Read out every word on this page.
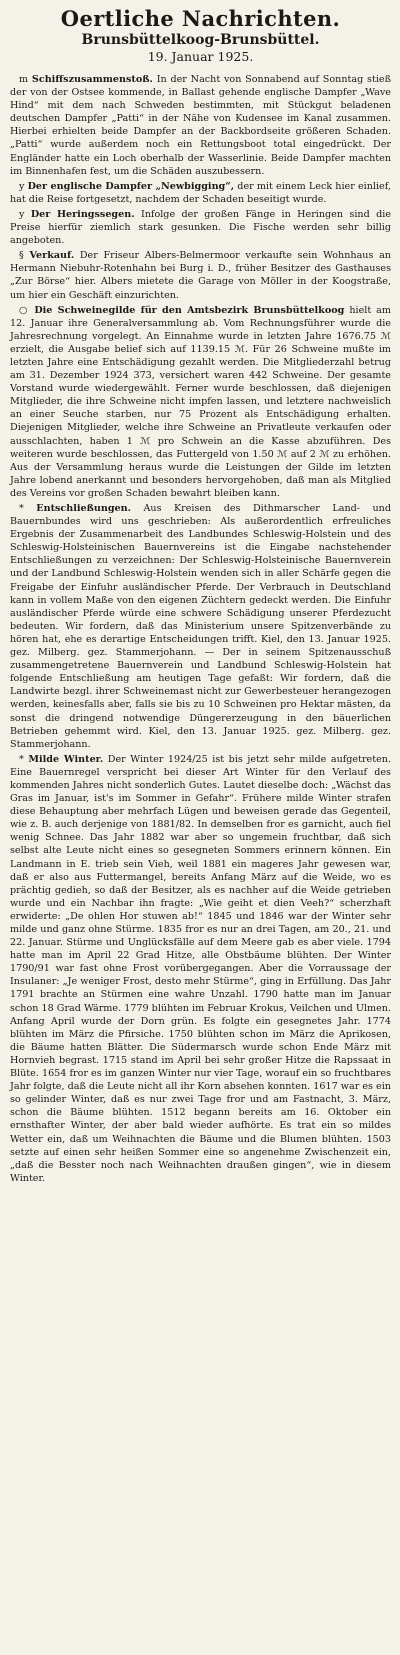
Oertliche Nachrichten.
Brunsbüttelkoog-Brunsbüttel.
19. Januar 1925.

m Schiffszusammenstoß. In der Nacht von Sonnabend auf Sonntag stieß der von der Ostsee kommende, in Ballast gehende englische Dampfer „Wave Hind“ mit dem nach Schweden bestimmten, mit Stückgut beladenen deutschen Dampfer „Patti“ in der Nähe von Kudensee im Kanal zusammen. Hierbei erhielten beide Dampfer an der Backbordseite größeren Schaden. „Patti“ wurde außerdem noch ein Rettungsboot total eingedrückt. Der Engländer hatte ein Loch oberhalb der Wasserlinie. Beide Dampfer machten im Binnenhafen fest, um die Schäden auszubessern.

y Der englische Dampfer „Newbigging“, der mit einem Leck hier einlief, hat die Reise fortgesetzt, nachdem der Schaden beseitigt wurde.

y Der Heringssegen. Infolge der großen Fänge in Heringen sind die Preise hierfür ziemlich stark gesunken. Die Fische werden sehr billig angeboten.

§ Verkauf. Der Friseur Albers-Belmermoor verkaufte sein Wohnhaus an Hermann Niebuhr-Rotenhahn bei Burg i. D., früher Besitzer des Gasthauses „Zur Börse“ hier. Albers mietete die Garage von Möller in der Koogstraße, um hier ein Geschäft einzurichten.

○ Die Schweinegilde für den Amtsbezirk Brunsbüttelkoog hielt am 12. Januar ihre Generalversammlung ab. Vom Rechnungsführer wurde die Jahresrechnung vorgelegt. An Einnahme wurde in letzten Jahre 1676.75 ℳ erzielt, die Ausgabe belief sich auf 1139.15 ℳ. Für 26 Schweine mußte im letzten Jahre eine Entschädigung gezahlt werden. Die Mitgliederzahl betrug am 31. Dezember 1924 373, versichert waren 442 Schweine. Der gesamte Vorstand wurde wiedergewählt. Ferner wurde beschlossen, daß diejenigen Mitglieder, die ihre Schweine nicht impfen lassen, und letztere nachweislich an einer Seuche starben, nur 75 Prozent als Entschädigung erhalten. Diejenigen Mitglieder, welche ihre Schweine an Privatleute verkaufen oder ausschlachten, haben 1 ℳ pro Schwein an die Kasse abzuführen. Des weiteren wurde beschlossen, das Futtergeld von 1.50 ℳ auf 2 ℳ zu erhöhen. Aus der Versammlung heraus wurde die Leistungen der Gilde im letzten Jahre lobend anerkannt und besonders hervorgehoben, daß man als Mitglied des Vereins vor großen Schaden bewahrt bleiben kann.

* Entschließungen. Aus Kreisen des Dithmarscher Land- und Bauernbundes wird uns geschrieben: Als außerordentlich erfreuliches Ergebnis der Zusammenarbeit des Landbundes Schleswig-Holstein und des Schleswig-Holsteinischen Bauernvereins ist die Eingabe nachstehender Entschließungen zu verzeichnen: Der Schleswig-Holsteinische Bauernverein und der Landbund Schleswig-Holstein wenden sich in aller Schärfe gegen die Freigabe der Einfuhr ausländischer Pferde. Der Verbrauch in Deutschland kann in vollem Maße von den eigenen Züchtern gedeckt werden. Die Einfuhr ausländischer Pferde würde eine schwere Schädigung unserer Pferdezucht bedeuten. Wir fordern, daß das Ministerium unsere Spitzenverbände zu hören hat, ehe es derartige Entscheidungen trifft. Kiel, den 13. Januar 1925. gez. Milberg. gez. Stammerjohann. — Der in seinem Spitzenausschuß zusammengetretene Bauernverein und Landbund Schleswig-Holstein hat folgende Entschließung am heutigen Tage gefaßt: Wir fordern, daß die Landwirte bezgl. ihrer Schweinemast nicht zur Gewerbesteuer herangezogen werden, keinesfalls aber, falls sie bis zu 10 Schweinen pro Hektar mästen, da sonst die dringend notwendige Düngererzeugung in den bäuerlichen Betrieben gehemmt wird. Kiel, den 13. Januar 1925. gez. Milberg. gez. Stammerjohann.

* Milde Winter. Der Winter 1924/25 ist bis jetzt sehr milde aufgetreten. Eine Bauernregel verspricht bei dieser Art Winter für den Verlauf des kommenden Jahres nicht sonderlich Gutes. Lautet dieselbe doch: „Wächst das Gras im Januar, ist's im Sommer in Gefahr“. Frühere milde Winter strafen diese Behauptung aber mehrfach Lügen und beweisen gerade das Gegenteil, wie z. B. auch derjenige von 1881/82. In demselben fror es garnicht, auch fiel wenig Schnee. Das Jahr 1882 war aber so ungemein fruchtbar, daß sich selbst alte Leute nicht eines so gesegneten Sommers erinnern können. Ein Landmann in E. trieb sein Vieh, weil 1881 ein mageres Jahr gewesen war, daß er also aus Futtermangel, bereits Anfang März auf die Weide, wo es prächtig gedieh, so daß der Besitzer, als es nachher auf die Weide getrieben wurde und ein Nachbar ihn fragte: „Wie geiht et dien Veeh?“ scherzhaft erwiderte: „De ohlen Hor stuwen ab!“ 1845 und 1846 war der Winter sehr milde und ganz ohne Stürme. 1835 fror es nur an drei Tagen, am 20., 21. und 22. Januar. Stürme und Unglücksfälle auf dem Meere gab es aber viele. 1794 hatte man im April 22 Grad Hitze, alle Obstbäume blühten. Der Winter 1790/91 war fast ohne Frost vorübergegangen. Aber die Vorraussage der Insulaner: „Je weniger Frost, desto mehr Stürme“, ging in Erfüllung. Das Jahr 1791 brachte an Stürmen eine wahre Unzahl. 1790 hatte man im Januar schon 18 Grad Wärme. 1779 blühten im Februar Krokus, Veilchen und Ulmen. Anfang April wurde der Dorn grün. Es folgte ein gesegnetes Jahr. 1774 blühten im März die Pfirsiche. 1750 blühten schon im März die Aprikosen, die Bäume hatten Blätter. Die Südermarsch wurde schon Ende März mit Hornvieh begrast. 1715 stand im April bei sehr großer Hitze die Rapssaat in Blüte. 1654 fror es im ganzen Winter nur vier Tage, worauf ein so fruchtbares Jahr folgte, daß die Leute nicht all ihr Korn absehen konnten. 1617 war es ein so gelinder Winter, daß es nur zwei Tage fror und am Fastnacht, 3. März, schon die Bäume blühten. 1512 begann bereits am 16. Oktober ein ernsthafter Winter, der aber bald wieder aufhörte. Es trat ein so mildes Wetter ein, daß um Weihnachten die Bäume und die Blumen blühten. 1503 setzte auf einen sehr heißen Sommer eine so angenehme Zwischenzeit ein, „daß die Besster noch nach Weihnachten draußen gingen“, wie in diesem Winter.
